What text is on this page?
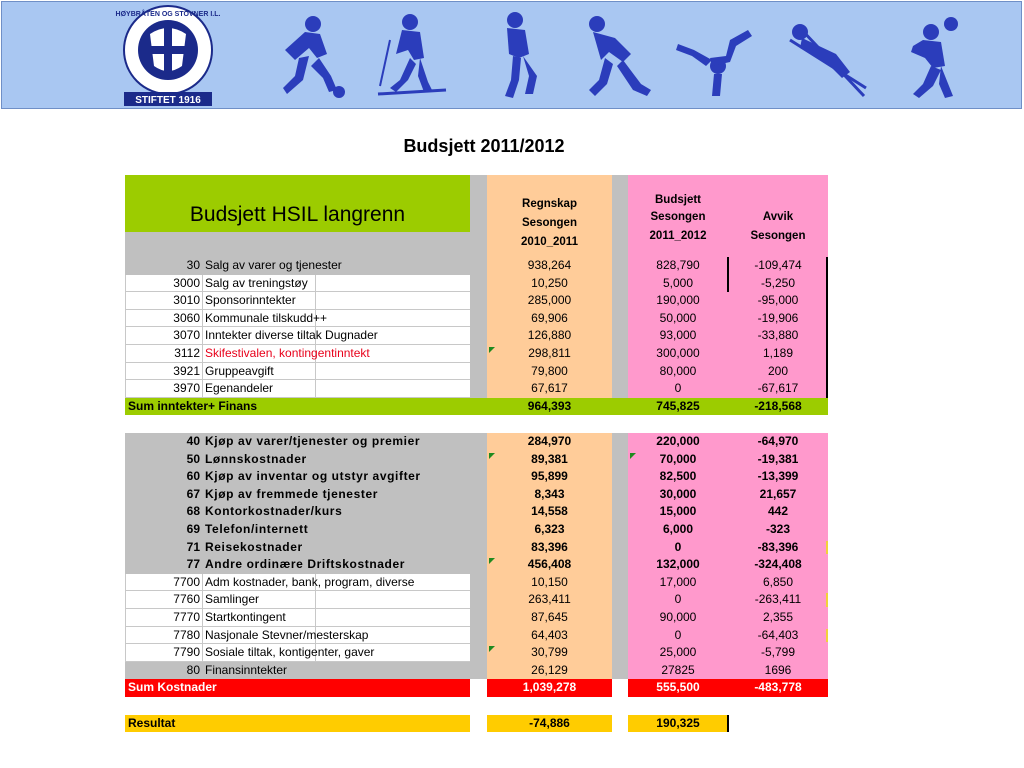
STIFTET 1916
HØYBRÅTEN OG STOVNER I.L.
Budsjett 2011/2012
Budsjett HSIL langrenn	Regnskap
Sesongen
2010_2011
Budsjett
Sesongen
2011_2012
Avvik
Sesongen
30 Salg av varer og tjenester	938,264	828,790	-109,474
3000 Salg av treningstøy	10,250	5,000	-5,250
3010 Sponsorinntekter	285,000	190,000	-95,000
3060 Kommunale tilskudd++	69,906	50,000	-19,906
3070 Inntekter diverse tiltak Dugnader	126,880	93,000	-33,880
3112 Skifestivalen, kontingentinntekt	298,811	300,000	1,189
3921 Gruppeavgift	79,800	80,000	200
3970 Egenandeler	67,617	0	-67,617
Sum inntekter+ Finans	964,393	745,825	-218,568
40 Kjøp av varer/tjenester og premier	284,970	220,000	-64,970
50 Lønnskostnader	89,381	70,000	-19,381
60 Kjøp av inventar og utstyr avgifter	95,899	82,500	-13,399
67 Kjøp av fremmede tjenester	8,343	30,000	21,657
68 Kontorkostnader/kurs	14,558	15,000	442
69 Telefon/internett	6,323	6,000	-323
71 Reisekostnader	83,396	0	-83,396
77 Andre ordinære Driftskostnader	456,408	132,000	-324,408
7700 Adm kostnader, bank, program, diverse	10,150	17,000	6,850
7760 Samlinger	263,411	0	-263,411
7770 Startkontingent	87,645	90,000	2,355
7780 Nasjonale Stevner/mesterskap	64,403	0	-64,403
7790 Sosiale tiltak, kontigenter, gaver	30,799	25,000	-5,799
80 Finansinntekter	26,129	27825	1696
Sum Kostnader	1,039,278	555,500	-483,778
Resultat	-74,886	190,325
